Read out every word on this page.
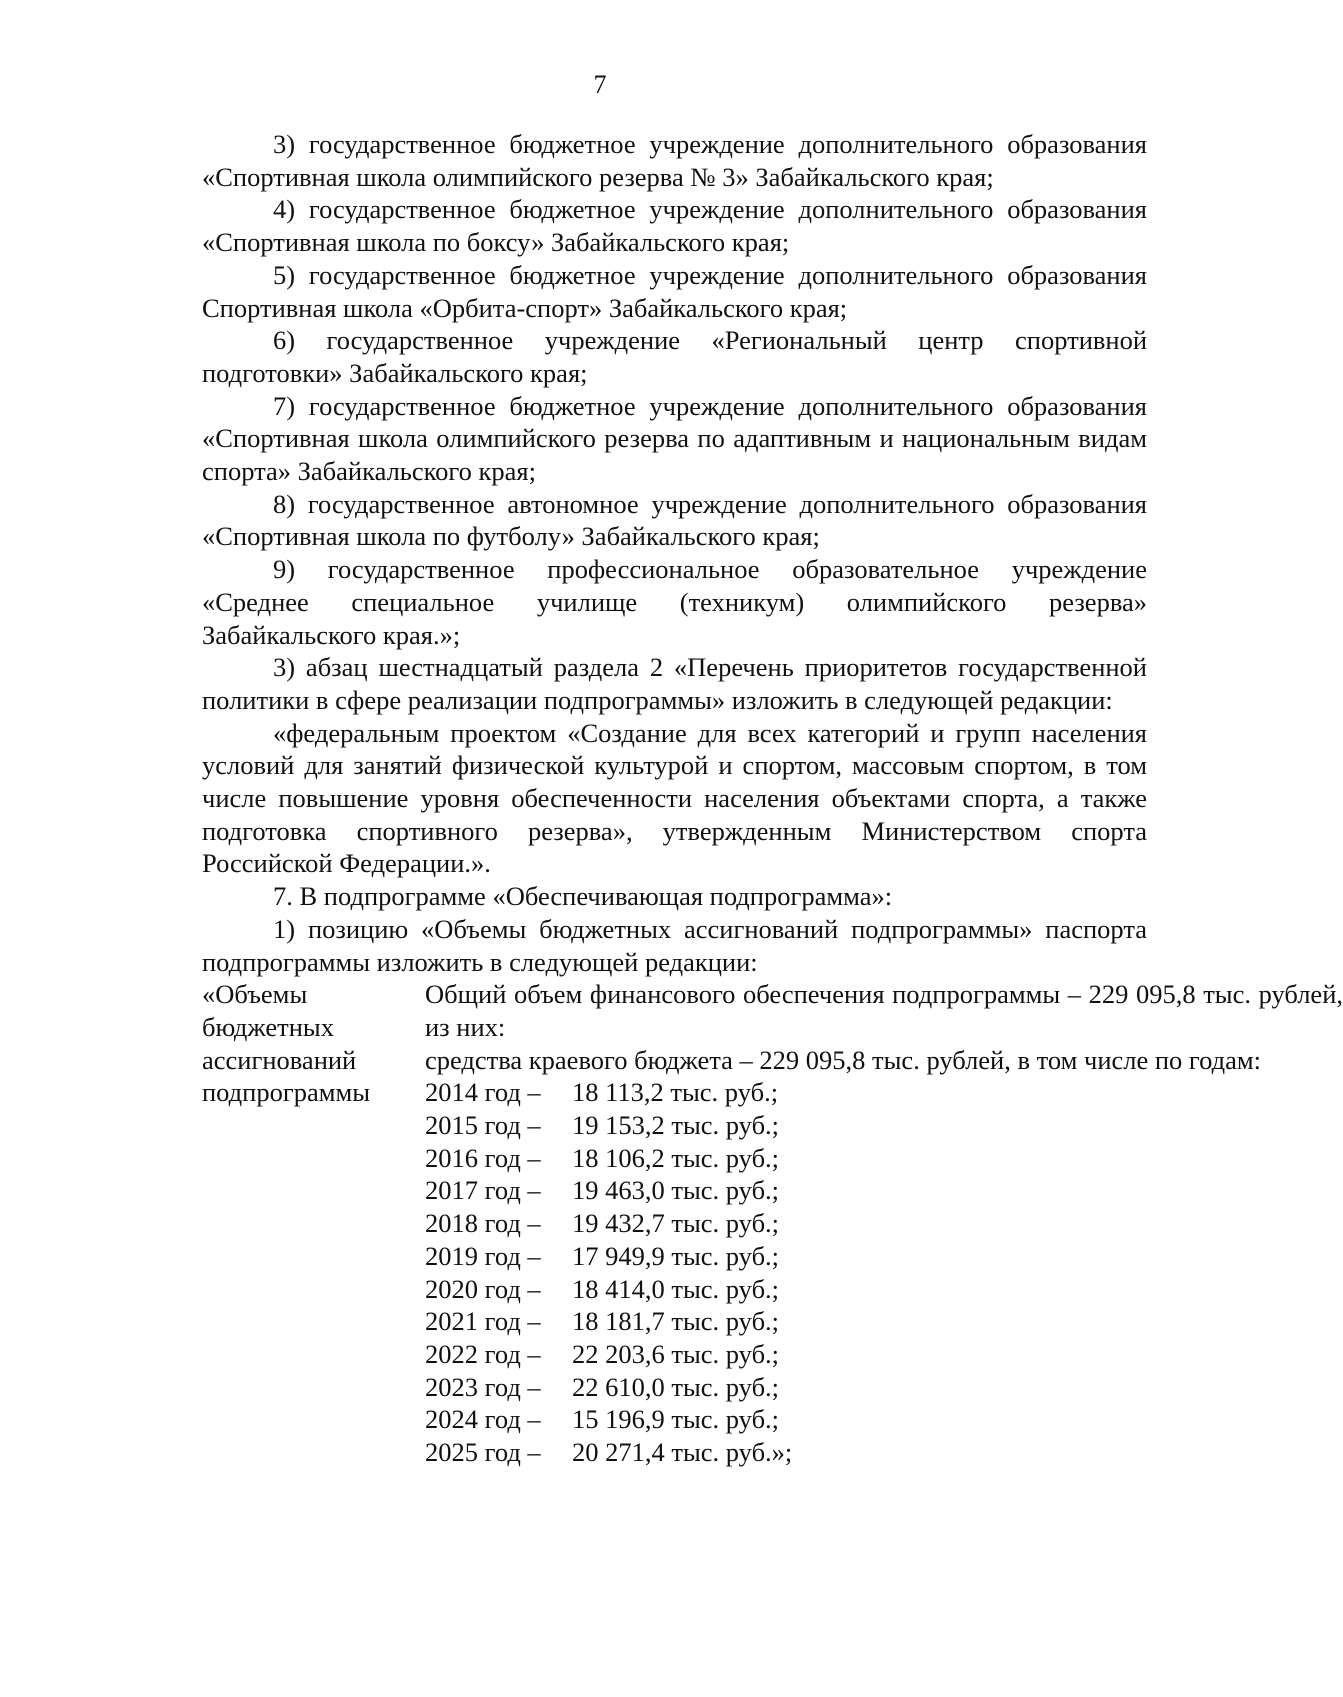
7

3) государственное бюджетное учреждение дополнительного образования «Спортивная школа олимпийского резерва № 3» Забайкальского края;

4) государственное бюджетное учреждение дополнительного образования «Спортивная школа по боксу» Забайкальского края;

5) государственное бюджетное учреждение дополнительного образования Спортивная школа «Орбита-спорт» Забайкальского края;

6) государственное учреждение «Региональный центр спортивной подготовки» Забайкальского края;

7) государственное бюджетное учреждение дополнительного образования «Спортивная школа олимпийского резерва по адаптивным и национальным видам спорта» Забайкальского края;

8) государственное автономное учреждение дополнительного образования «Спортивная школа по футболу» Забайкальского края;

9) государственное профессиональное образовательное учреждение «Среднее специальное училище (техникум) олимпийского резерва» Забайкальского края.»;

3) абзац шестнадцатый раздела 2 «Перечень приоритетов государственной политики в сфере реализации подпрограммы» изложить в следующей редакции:

«федеральным проектом «Создание для всех категорий и групп населения условий для занятий физической культурой и спортом, массовым спортом, в том числе повышение уровня обеспеченности населения объектами спорта, а также подготовка спортивного резерва», утвержденным Министерством спорта Российской Федерации.».

7. В подпрограмме «Обеспечивающая подпрограмма»:

1) позицию «Объемы бюджетных ассигнований подпрограммы» паспорта подпрограммы изложить в следующей редакции:

«Объемы
бюджетных
ассигнований
подпрограммы

Общий объем финансового обеспечения подпрограммы – 229 095,8 тыс. рублей, из них:

средства краевого бюджета – 229 095,8 тыс. рублей, в том числе по годам:

2014 год – 18 113,2 тыс. руб.;
2015 год – 19 153,2 тыс. руб.;
2016 год – 18 106,2 тыс. руб.;
2017 год – 19 463,0 тыс. руб.;
2018 год – 19 432,7 тыс. руб.;
2019 год – 17 949,9 тыс. руб.;
2020 год – 18 414,0 тыс. руб.;
2021 год – 18 181,7 тыс. руб.;
2022 год – 22 203,6 тыс. руб.;
2023 год – 22 610,0 тыс. руб.;
2024 год – 15 196,9 тыс. руб.;
2025 год – 20 271,4 тыс. руб.»;
